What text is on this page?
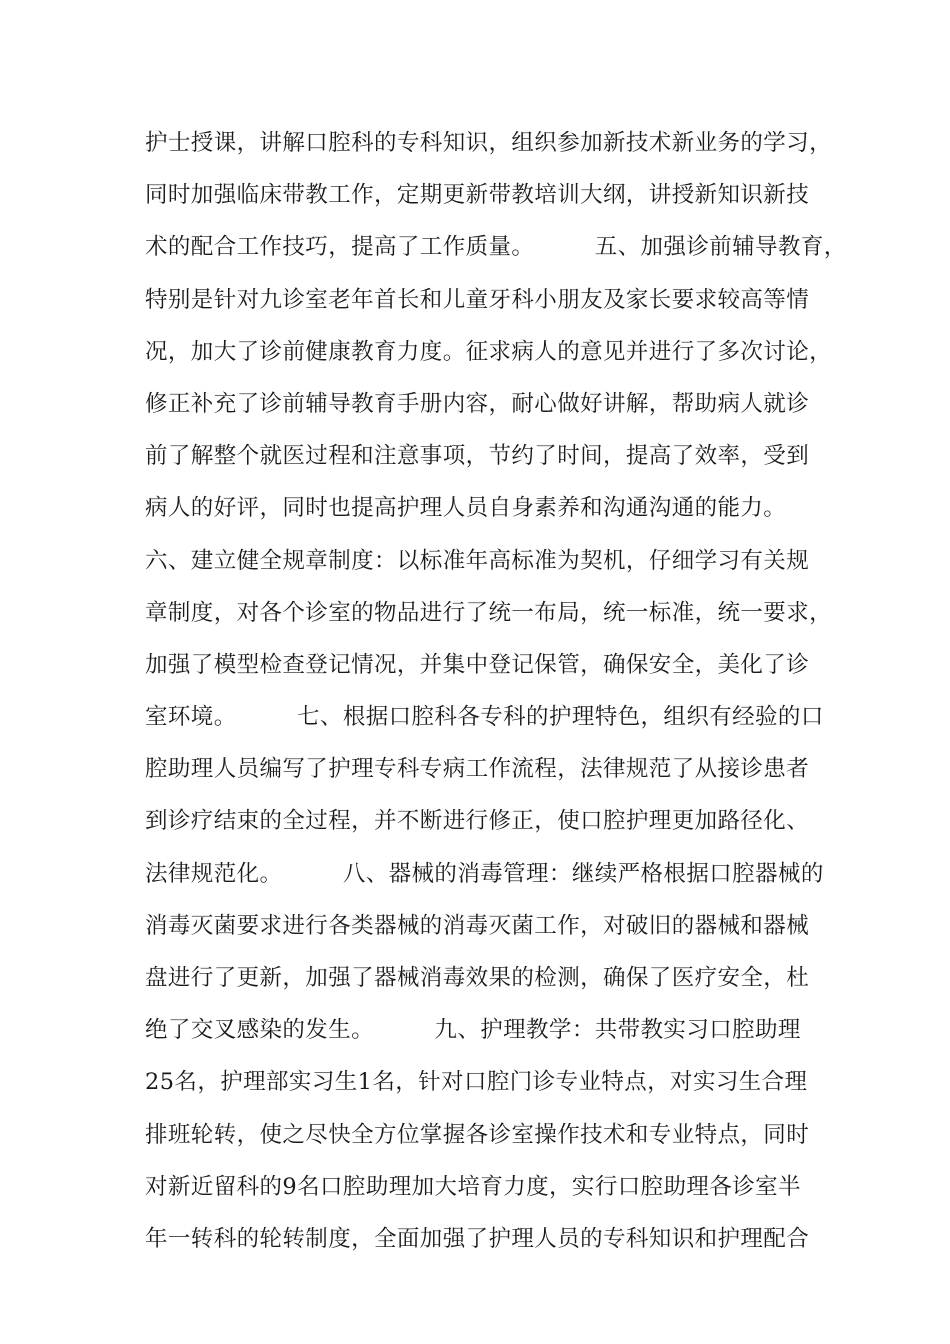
护士授课，讲解口腔科的专科知识，组织参加新技术新业务的学习，
同时加强临床带教工作，定期更新带教培训大纲，讲授新知识新技
术的配合工作技巧，提高了工作质量。        五、加强诊前辅导教育，
特别是针对九诊室老年首长和儿童牙科小朋友及家长要求较高等情
况，加大了诊前健康教育力度。征求病人的意见并进行了多次讨论，
修正补充了诊前辅导教育手册内容，耐心做好讲解，帮助病人就诊
前了解整个就医过程和注意事项，节约了时间，提高了效率，受到
病人的好评，同时也提高护理人员自身素养和沟通沟通的能力。
六、建立健全规章制度：以标准年高标准为契机，仔细学习有关规
章制度，对各个诊室的物品进行了统一布局，统一标准，统一要求，
加强了模型检查登记情况，并集中登记保管，确保安全，美化了诊
室环境。        七、根据口腔科各专科的护理特色，组织有经验的口
腔助理人员编写了护理专科专病工作流程，法律规范了从接诊患者
到诊疗结束的全过程，并不断进行修正，使口腔护理更加路径化、
法律规范化。        八、器械的消毒管理：继续严格根据口腔器械的
消毒灭菌要求进行各类器械的消毒灭菌工作，对破旧的器械和器械
盘进行了更新，加强了器械消毒效果的检测，确保了医疗安全，杜
绝了交叉感染的发生。        九、护理教学：共带教实习口腔助理
25名，护理部实习生1名，针对口腔门诊专业特点，对实习生合理
排班轮转，使之尽快全方位掌握各诊室操作技术和专业特点，同时
对新近留科的9名口腔助理加大培育力度，实行口腔助理各诊室半
年一转科的轮转制度，全面加强了护理人员的专科知识和护理配合
